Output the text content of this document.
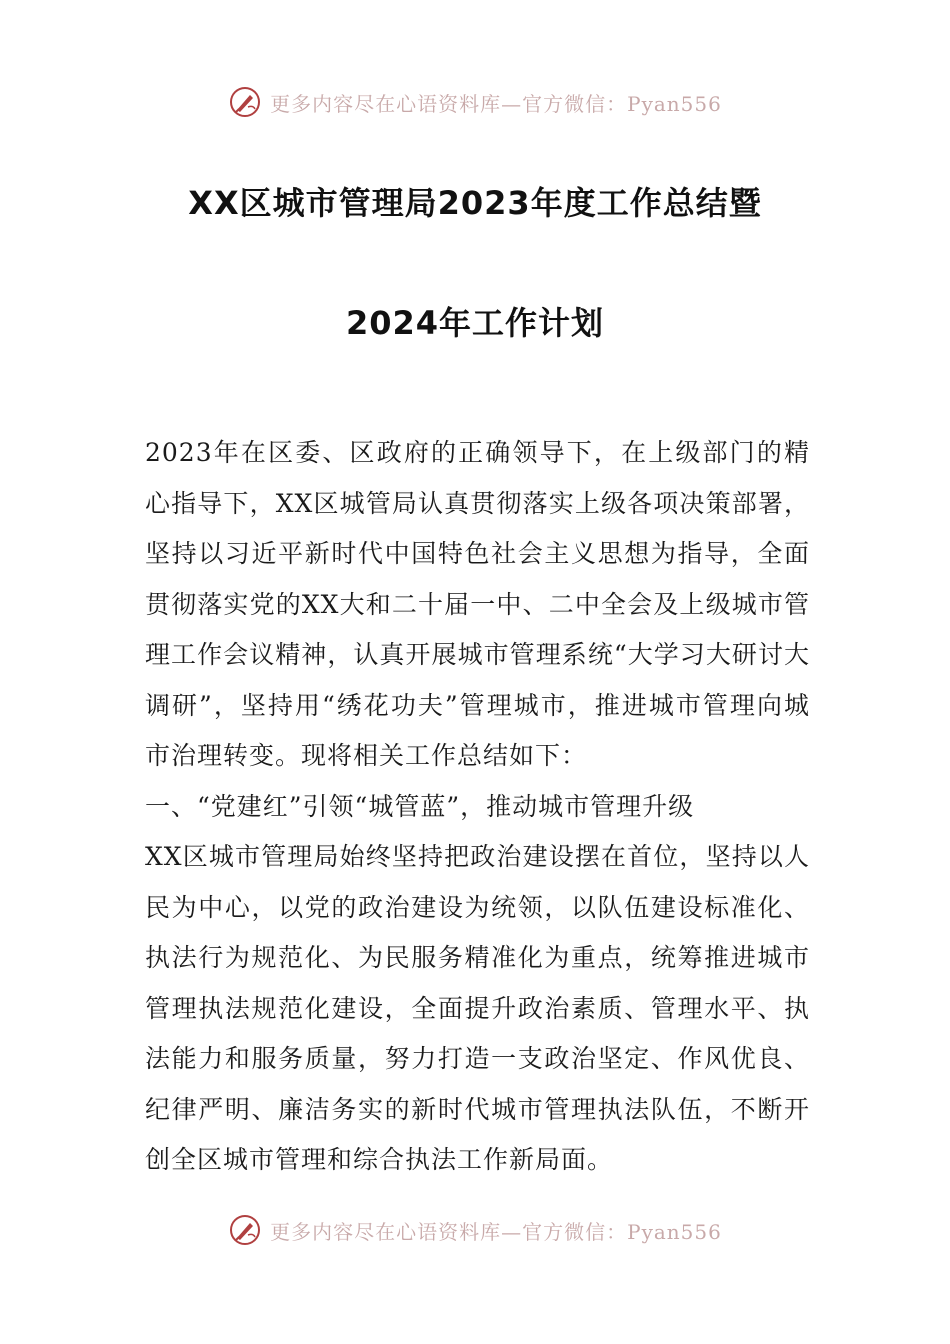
更多内容尽在心语资料库—官方微信：Pyan556
XX区城市管理局2023年度工作总结暨
2024年工作计划

2023年在区委、区政府的正确领导下，在上级部门的精心指导下，XX区城管局认真贯彻落实上级各项决策部署，坚持以习近平新时代中国特色社会主义思想为指导，全面贯彻落实党的XX大和二十届一中、二中全会及上级城市管理工作会议精神，认真开展城市管理系统“大学习大研讨大调研”，坚持用“绣花功夫”管理城市，推进城市管理向城市治理转变。现将相关工作总结如下：

一、“党建红”引领“城管蓝”，推动城市管理升级

XX区城市管理局始终坚持把政治建设摆在首位，坚持以人民为中心，以党的政治建设为统领，以队伍建设标准化、执法行为规范化、为民服务精准化为重点，统筹推进城市管理执法规范化建设，全面提升政治素质、管理水平、执法能力和服务质量，努力打造一支政治坚定、作风优良、纪律严明、廉洁务实的新时代城市管理执法队伍，不断开创全区城市管理和综合执法工作新局面。

更多内容尽在心语资料库—官方微信：Pyan556
